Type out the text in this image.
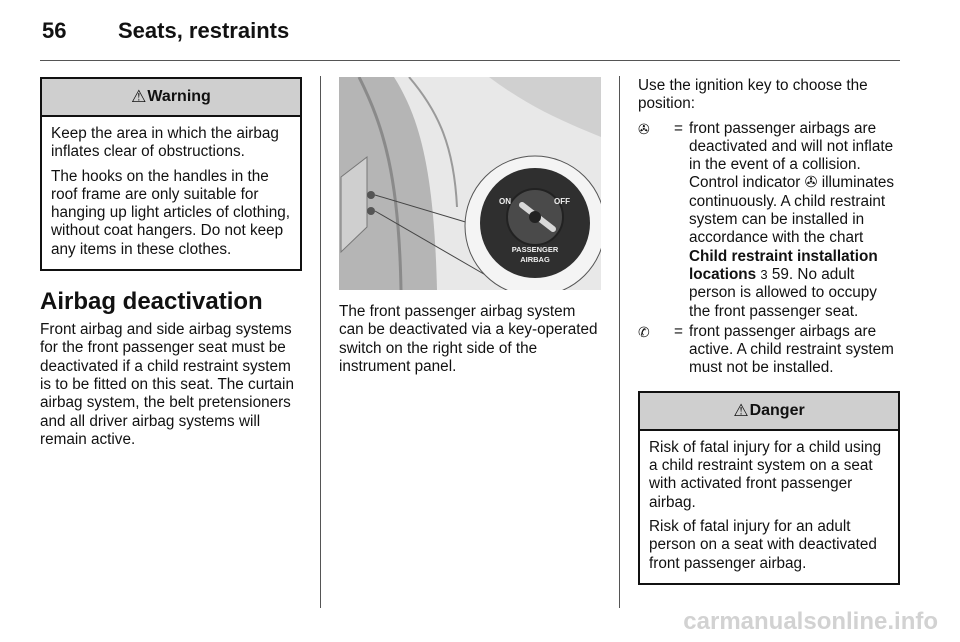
56 Seats, restraints
⚠ Warning

Keep the area in which the airbag inflates clear of obstructions.

The hooks on the handles in the roof frame are only suitable for hanging up light articles of clothing, without coat hangers. Do not keep any items in these clothes.

Airbag deactivation

Front airbag and side airbag systems for the front passenger seat must be deactivated if a child restraint system is to be fitted on this seat. The curtain airbag system, the belt pretensioners and all driver airbag systems will remain active.

ON	OFF
PASSENGER
AIRBAG

The front passenger airbag system can be deactivated via a key-operated switch on the right side of the instrument panel.

Use the ignition key to choose the position:

✇	= front passenger airbags are deactivated and will not inflate in the event of a collision. Control indicator ✇ illuminates continuously. A child restraint system can be installed in accordance with the chart Child restraint installation locations 3 59. No adult person is allowed to occupy the front passenger seat.
✆	= front passenger airbags are active. A child restraint system must not be installed.
⚠ Danger

Risk of fatal injury for a child using a child restraint system on a seat with activated front passenger airbag.

Risk of fatal injury for an adult person on a seat with deactivated front passenger airbag.

carmanualsonline.info
